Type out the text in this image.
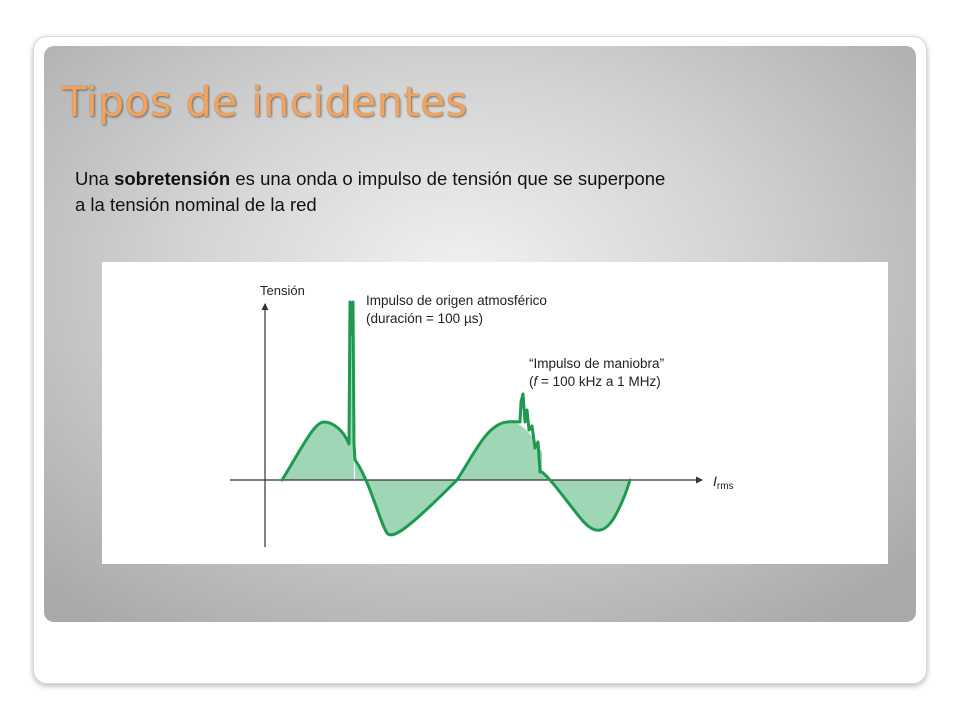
Tipos de incidentes

Una sobretensión es una onda o impulso de tensión que se superpone
a la tensión nominal de la red

Tensión
$I_{rms}$
Impulso de origen atmosférico
(duración = 100 µs)
“Impulso de maniobra”
(f = 100 kHz a 1 MHz)
